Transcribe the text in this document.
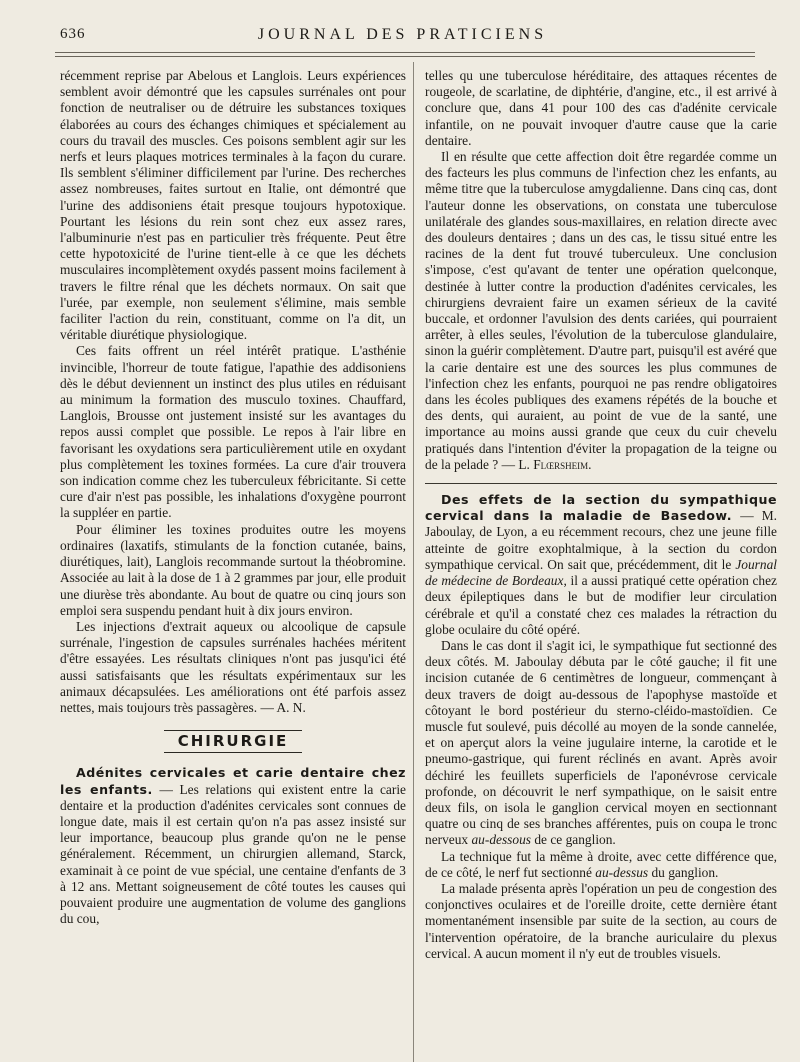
636	JOURNAL DES PRATICIENS

récemment reprise par Abelous et Langlois. Leurs expériences semblent avoir démontré que les capsules surrénales ont pour fonction de neutraliser ou de détruire les substances toxiques élaborées au cours des échanges chimiques et spécialement au cours du travail des muscles. Ces poisons semblent agir sur les nerfs et leurs plaques motrices terminales à la façon du curare. Ils semblent s'éliminer difficilement par l'urine. Des recherches assez nombreuses, faites surtout en Italie, ont démontré que l'urine des addisoniens était presque toujours hypotoxique. Pourtant les lésions du rein sont chez eux assez rares, l'albuminurie n'est pas en particulier très fréquente. Peut être cette hypotoxicité de l'urine tient-elle à ce que les déchets musculaires incomplètement oxydés passent moins facilement à travers le filtre rénal que les déchets normaux. On sait que l'urée, par exemple, non seulement s'élimine, mais semble faciliter l'action du rein, constituant, comme on l'a dit, un véritable diurétique physiologique.

Ces faits offrent un réel intérêt pratique. L'asthénie invincible, l'horreur de toute fatigue, l'apathie des addisoniens dès le début deviennent un instinct des plus utiles en réduisant au minimum la formation des musculo toxines. Chauffard, Langlois, Brousse ont justement insisté sur les avantages du repos aussi complet que possible. Le repos à l'air libre en favorisant les oxydations sera particulièrement utile en oxydant plus complètement les toxines formées. La cure d'air trouvera son indication comme chez les tuberculeux fébricitante. Si cette cure d'air n'est pas possible, les inhalations d'oxygène pourront la suppléer en partie.

Pour éliminer les toxines produites outre les moyens ordinaires (laxatifs, stimulants de la fonction cutanée, bains, diurétiques, lait), Langlois recommande surtout la théobromine. Associée au lait à la dose de 1 à 2 grammes par jour, elle produit une diurèse très abondante. Au bout de quatre ou cinq jours son emploi sera suspendu pendant huit à dix jours environ.

Les injections d'extrait aqueux ou alcoolique de capsule surrénale, l'ingestion de capsules surrénales hachées méritent d'être essayées. Les résultats cliniques n'ont pas jusqu'ici été aussi satisfaisants que les résultats expérimentaux sur les animaux décapsulées. Les améliorations ont été parfois assez nettes, mais toujours très passagères. — A. N.

CHIRURGIE

Adénites cervicales et carie dentaire chez les enfants. — Les relations qui existent entre la carie dentaire et la production d'adénites cervicales sont connues de longue date, mais il est certain qu'on n'a pas assez insisté sur leur importance, beaucoup plus grande qu'on ne le pense généralement. Récemment, un chirurgien allemand, Starck, examinait à ce point de vue spécial, une centaine d'enfants de 3 à 12 ans. Mettant soigneusement de côté toutes les causes qui pouvaient produire une augmentation de volume des ganglions du cou,

telles qu une tuberculose héréditaire, des attaques récentes de rougeole, de scarlatine, de diphtérie, d'angine, etc., il est arrivé à conclure que, dans 41 pour 100 des cas d'adénite cervicale infantile, on ne pouvait invoquer d'autre cause que la carie dentaire.

Il en résulte que cette affection doit être regardée comme un des facteurs les plus communs de l'infection chez les enfants, au même titre que la tuberculose amygdalienne. Dans cinq cas, dont l'auteur donne les observations, on constata une tuberculose unilatérale des glandes sous-maxillaires, en relation directe avec des douleurs dentaires ; dans un des cas, le tissu situé entre les racines de la dent fut trouvé tuberculeux. Une conclusion s'impose, c'est qu'avant de tenter une opération quelconque, destinée à lutter contre la production d'adénites cervicales, les chirurgiens devraient faire un examen sérieux de la cavité buccale, et ordonner l'avulsion des dents cariées, qui pourraient arrêter, à elles seules, l'évolution de la tuberculose glandulaire, sinon la guérir complètement. D'autre part, puisqu'il est avéré que la carie dentaire est une des sources les plus communes de l'infection chez les enfants, pourquoi ne pas rendre obligatoires dans les écoles publiques des examens répétés de la bouche et des dents, qui auraient, au point de vue de la santé, une importance au moins aussi grande que ceux du cuir chevelu pratiqués dans l'intention d'éviter la propagation de la teigne ou de la pelade ? — L. Flœrsheim.

Des effets de la section du sympathique cervical dans la maladie de Basedow. — M. Jaboulay, de Lyon, a eu récemment recours, chez une jeune fille atteinte de goitre exophtalmique, à la section du cordon sympathique cervical. On sait que, précédemment, dit le Journal de médecine de Bordeaux, il a aussi pratiqué cette opération chez deux épileptiques dans le but de modifier leur circulation cérébrale et qu'il a constaté chez ces malades la rétraction du globe oculaire du côté opéré.

Dans le cas dont il s'agit ici, le sympathique fut sectionné des deux côtés. M. Jaboulay débuta par le côté gauche; il fit une incision cutanée de 6 centimètres de longueur, commençant à deux travers de doigt au-dessous de l'apophyse mastoïde et côtoyant le bord postérieur du sterno-cléido-mastoïdien. Ce muscle fut soulevé, puis décollé au moyen de la sonde cannelée, et on aperçut alors la veine jugulaire interne, la carotide et le pneumo-gastrique, qui furent réclinés en avant. Après avoir déchiré les feuillets superficiels de l'aponévrose cervicale profonde, on découvrit le nerf sympathique, on le saisit entre deux fils, on isola le ganglion cervical moyen en sectionnant quatre ou cinq de ses branches afférentes, puis on coupa le tronc nerveux au-dessous de ce ganglion.

La technique fut la même à droite, avec cette différence que, de ce côté, le nerf fut sectionné au-dessus du ganglion.

La malade présenta après l'opération un peu de congestion des conjonctives oculaires et de l'oreille droite, cette dernière étant momentanément insensible par suite de la section, au cours de l'intervention opératoire, de la branche auriculaire du plexus cervical. A aucun moment il n'y eut de troubles visuels.
